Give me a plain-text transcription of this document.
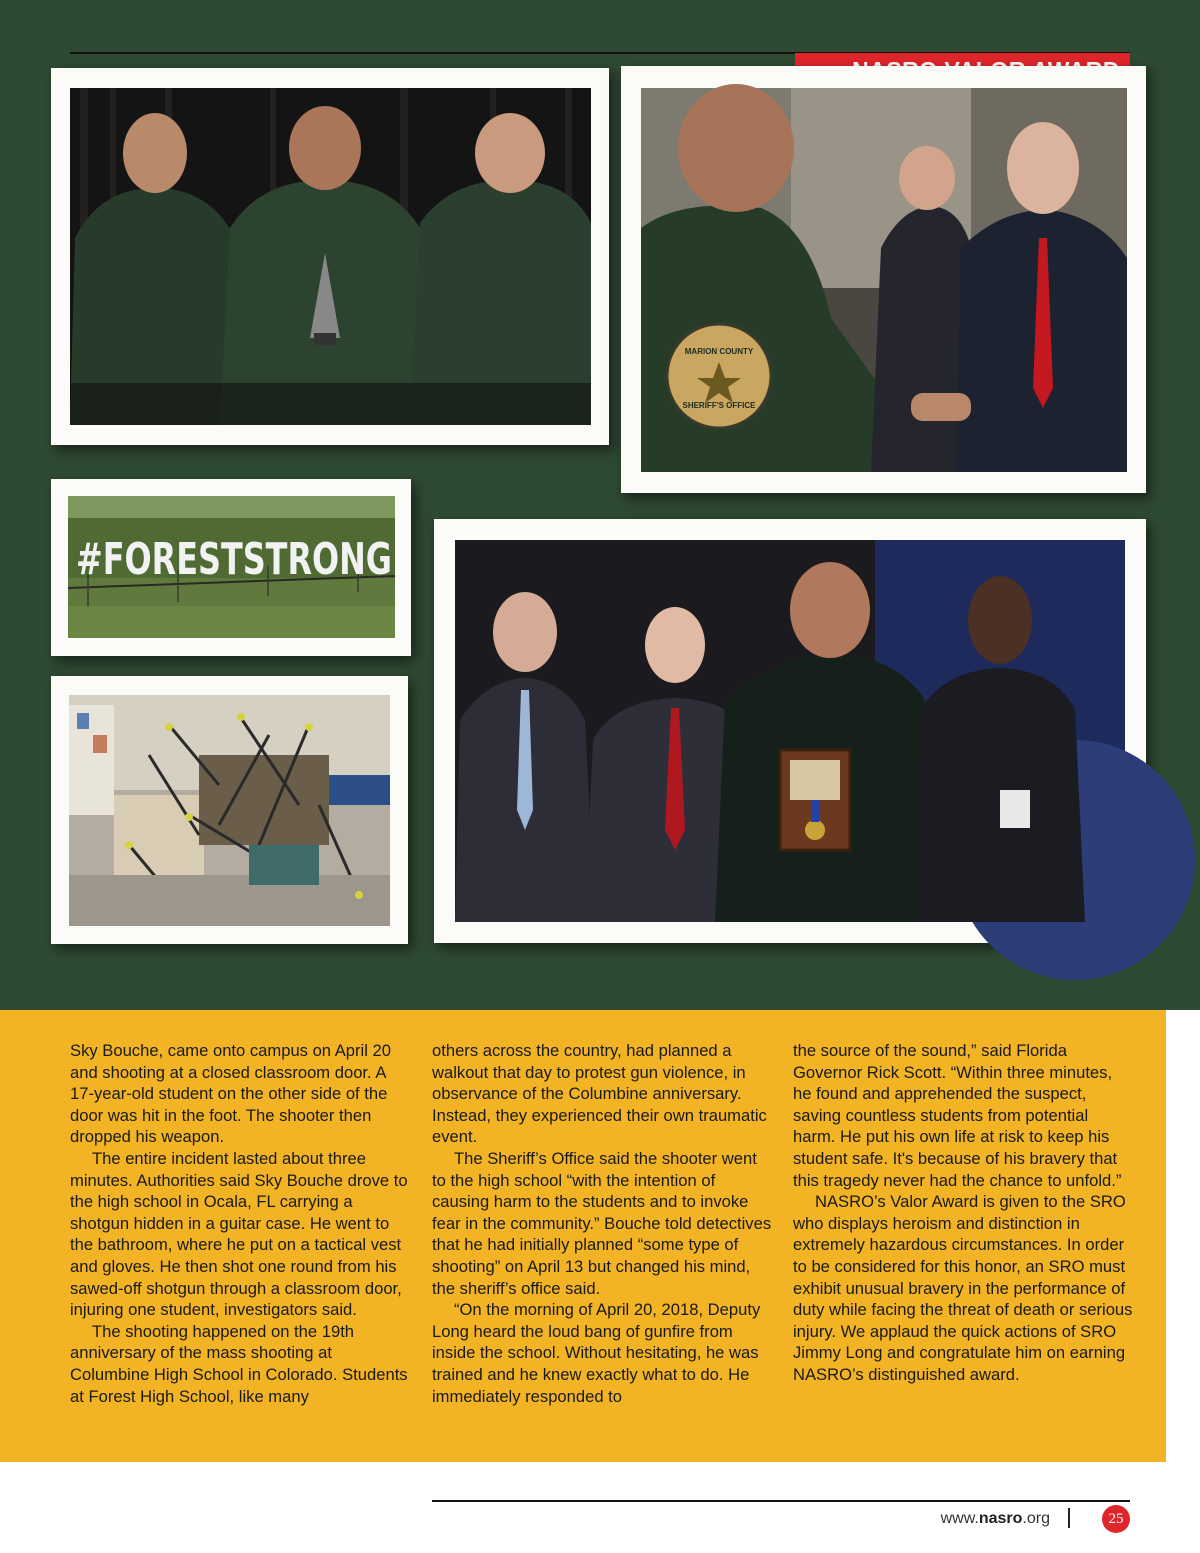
MARION COUNTY
SHERIFF'S OFFICE
#FORESTSTRONG

Sky Bouche, came onto campus on April 20 and shooting at a closed classroom door. A 17-year-old student on the other side of the door was hit in the foot. The shooter then dropped his weapon.

The entire incident lasted about three minutes. Authorities said Sky Bouche drove to the high school in Ocala, FL carrying a shotgun hidden in a guitar case. He went to the bathroom, where he put on a tactical vest and gloves. He then shot one round from his sawed-off shotgun through a classroom door, injuring one student, investigators said.

The shooting happened on the 19th anniversary of the mass shooting at Columbine High School in Colorado. Students at Forest High School, like many

others across the country, had planned a walkout that day to protest gun violence, in observance of the Columbine anniversary. Instead, they experienced their own traumatic event.

The Sheriff’s Office said the shooter went to the high school “with the intention of causing harm to the students and to invoke fear in the community.” Bouche told detectives that he had initially planned “some type of shooting” on April 13 but changed his mind, the sheriff’s office said.

“On the morning of April 20, 2018, Deputy Long heard the loud bang of gunfire from inside the school. Without hesitating, he was trained and he knew exactly what to do. He immediately responded to

the source of the sound,” said Florida Governor Rick Scott. “Within three minutes, he found and apprehended the suspect, saving countless students from potential harm. He put his own life at risk to keep his student safe. It's because of his bravery that this tragedy never had the chance to unfold.”

NASRO’s Valor Award is given to the SRO who displays heroism and distinction in extremely hazardous circumstances. In order to be considered for this honor, an SRO must exhibit unusual bravery in the performance of duty while facing the threat of death or serious injury. We applaud the quick actions of SRO Jimmy Long and congratulate him on earning NASRO’s distinguished award.

www.nasro.org	25
